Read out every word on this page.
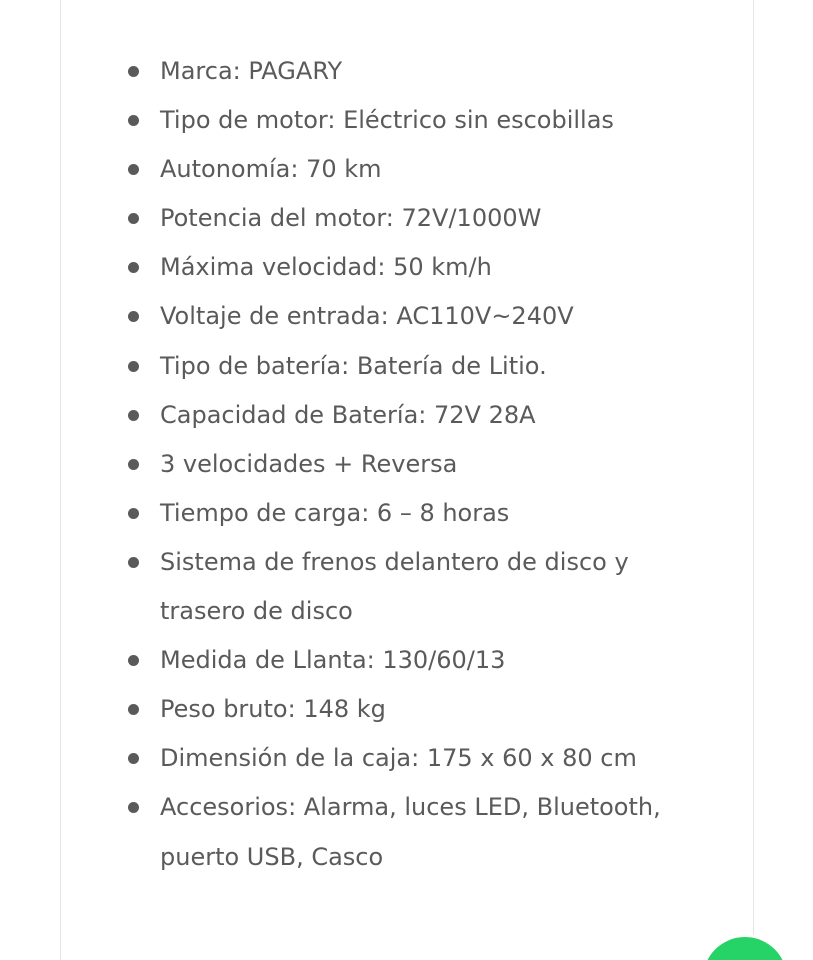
Marca: PAGARY
Tipo de motor: Eléctrico sin escobillas
Autonomía: 70 km
Potencia del motor: 72V/1000W
Máxima velocidad: 50 km/h
Voltaje de entrada: AC110V~240V
Tipo de batería: Batería de Litio.
Capacidad de Batería: 72V 28A
3 velocidades + Reversa
Tiempo de carga: 6 – 8 horas
Sistema de frenos delantero de disco y trasero de disco
Medida de Llanta: 130/60/13
Peso bruto: 148 kg
Dimensión de la caja: 175 x 60 x 80 cm
Accesorios: Alarma, luces LED, Bluetooth, puerto USB, Casco
